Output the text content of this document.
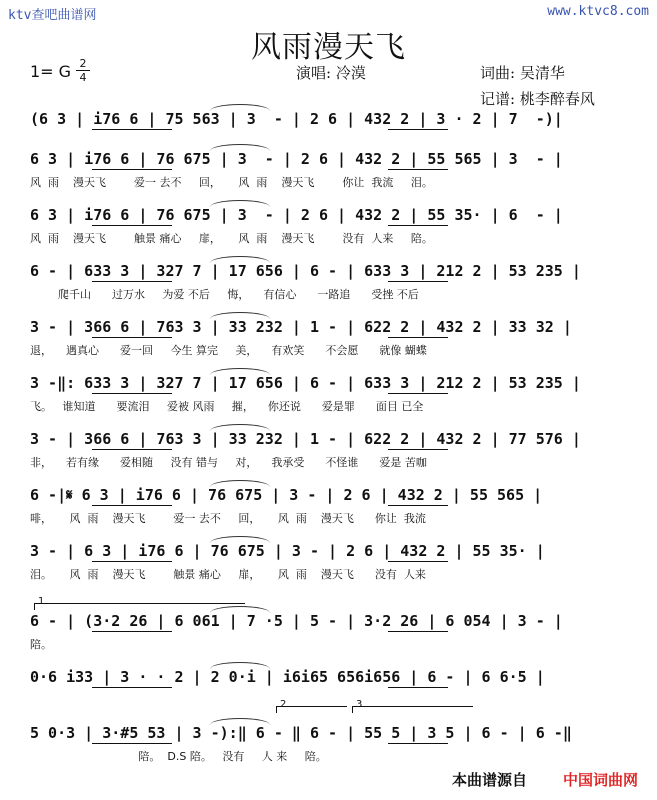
ktv查吧曲谱网	www.ktvc8.com
风雨漫天飞
1= G 2
4	演唱: 冷漠	词曲: 吴清华
记谱: 桃李醉春风
1
2	3
本曲谱源自 中国词曲网
(6 3 | i76 6 | 75 563 | 3  - | 2 6 | 432 2 | 3 · 2 | 7  -)|
6 3 | i76 6 | 76 675 | 3  - | 2 6 | 432 2 | 55 565 | 3  - |
风  雨    漫天飞        爱一 去不     回，     风  雨    漫天飞        你让  我流     泪。
6 3 | i76 6 | 76 675 | 3  - | 2 6 | 432 2 | 55 35· | 6  - |
风  雨    漫天飞        触景 痛心     扉，     风  雨    漫天飞        没有  人来     陪。
6 - | 633 3 | 327 7 | 17 656 | 6 - | 633 3 | 212 2 | 53 235 |
爬千山      过万水     为爱 不后     悔，    有信心      一路追      受挫 不后
3 - | 366 6 | 763 3 | 33 232 | 1 - | 622 2 | 432 2 | 33 32 |
退，    遇真心      爱一回     今生 算完     美，    有欢笑      不会愿      就像 蝴蝶
3 -‖: 633 3 | 327 7 | 17 656 | 6 - | 633 3 | 212 2 | 53 235 |
飞。   谁知道      要流泪     爱被 风雨     摧，    你还说      爱是罪      面目 已全
3 - | 366 6 | 763 3 | 33 232 | 1 - | 622 2 | 432 2 | 77 576 |
非，    若有缘      爱相随     没有 错与     对，    我承受      不怪谁      爱是 苦咖
6 -|𝄋 6 3 | i76 6 | 76 675 | 3 - | 2 6 | 432 2 | 55 565 |
啡，     风  雨    漫天飞        爱一 去不     回，     风  雨    漫天飞      你让  我流
3 - | 6 3 | i76 6 | 76 675 | 3 - | 2 6 | 432 2 | 55 35· |
泪。     风  雨    漫天飞        触景 痛心     扉，     风  雨    漫天飞      没有  人来
6 - | (3·2 26 | 6 061 | 7 ·5 | 5 - | 3·2 26 | 6 054 | 3 - |
陪。
0·6 i33 | 3 · · 2 | 2 0·i | i6i65 656i656 | 6 - | 6 6·5 |
5 0·3 | 3·#5 53 | 3 -):‖ 6 - ‖ 6 - | 55 5 | 3 5 | 6 - | 6 -‖
陪。  D.S 陪。   没有     人 来     陪。
